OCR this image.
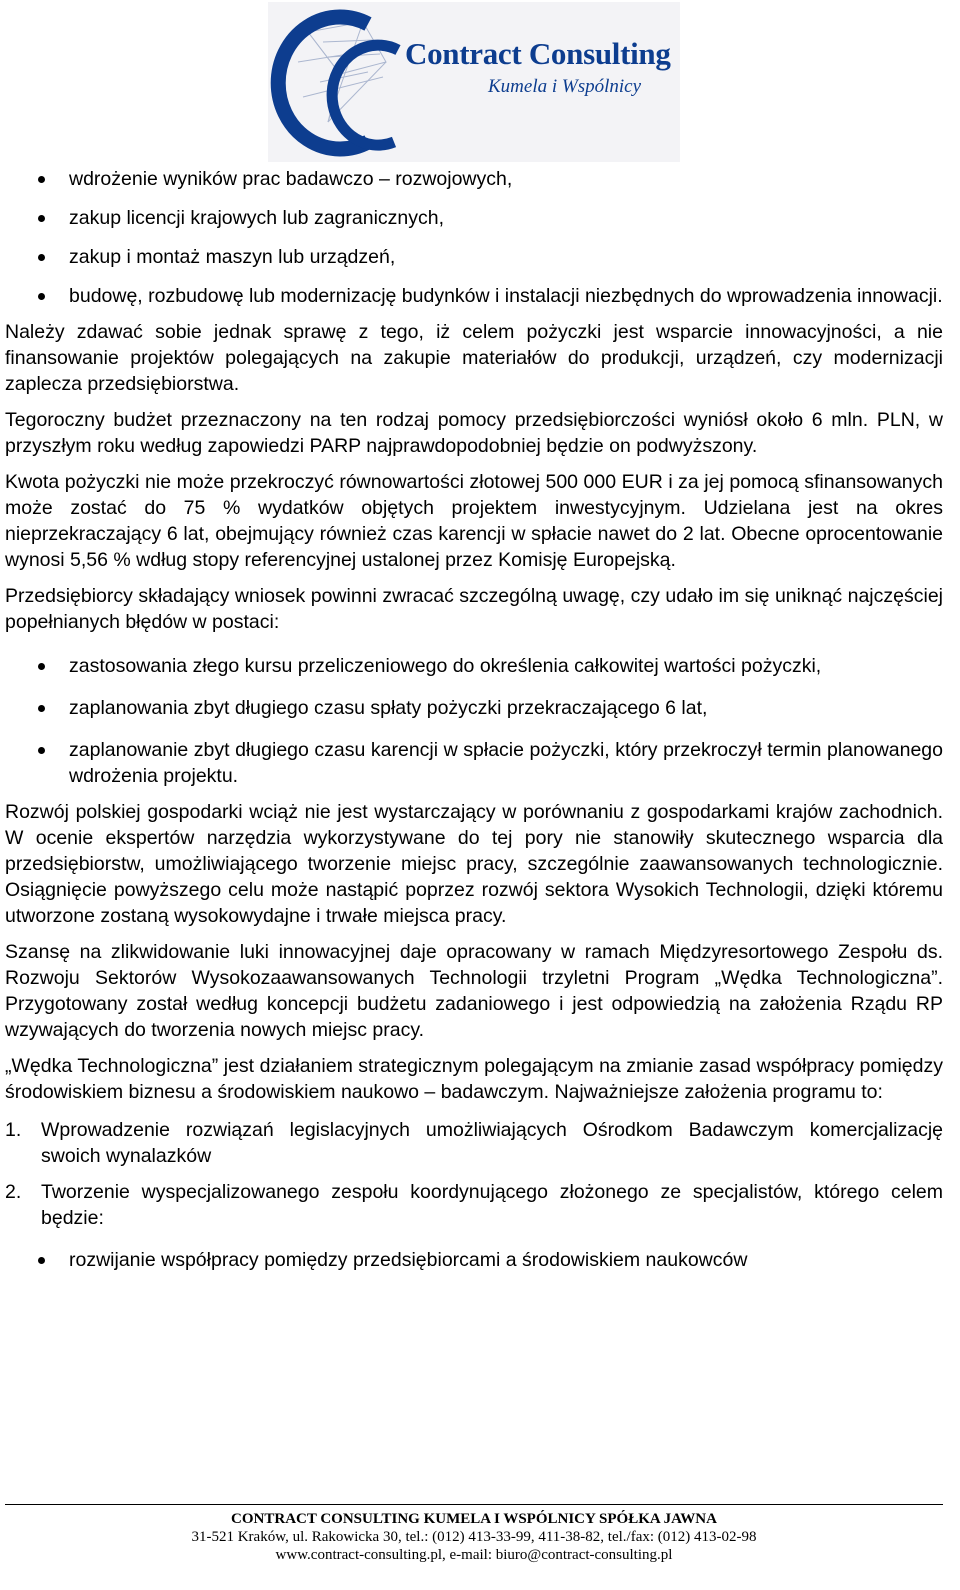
Contract Consulting
Kumela i Wspólnicy
wdrożenie wyników prac badawczo – rozwojowych,
zakup licencji krajowych lub zagranicznych,
zakup i montaż maszyn lub urządzeń,
budowę, rozbudowę lub modernizację budynków i instalacji niezbędnych do wprowadzenia innowacji.

Należy zdawać sobie jednak sprawę z tego, iż celem pożyczki jest wsparcie innowacyjności, a nie finansowanie projektów polegających na zakupie materiałów do produkcji, urządzeń, czy modernizacji zaplecza przedsiębiorstwa.

Tegoroczny budżet przeznaczony na ten rodzaj pomocy przedsiębiorczości wyniósł około 6 mln. PLN, w przyszłym roku według zapowiedzi PARP najprawdopodobniej będzie on podwyższony.

Kwota pożyczki nie może przekroczyć równowartości złotowej 500 000 EUR i za jej pomocą sfinansowanych może zostać do 75 % wydatków objętych projektem inwestycyjnym. Udzielana jest na okres nieprzekraczający 6 lat, obejmujący również czas karencji w spłacie nawet do 2 lat. Obecne oprocentowanie wynosi 5,56 % wdług stopy referencyjnej ustalonej przez Komisję Europejską.

Przedsiębiorcy składający wniosek powinni zwracać szczególną uwagę, czy udało im się uniknąć najczęściej popełnianych błędów w postaci:

zastosowania złego kursu przeliczeniowego do określenia całkowitej wartości pożyczki,
zaplanowania zbyt długiego czasu spłaty pożyczki przekraczającego 6 lat,
zaplanowanie zbyt długiego czasu karencji w spłacie pożyczki, który przekroczył termin planowanego wdrożenia projektu.

Rozwój polskiej gospodarki wciąż nie jest wystarczający w porównaniu z gospodarkami krajów zachodnich. W ocenie ekspertów narzędzia wykorzystywane do tej pory nie stanowiły skutecznego wsparcia dla przedsiębiorstw, umożliwiającego tworzenie miejsc pracy, szczególnie zaawansowanych technologicznie. Osiągnięcie powyższego celu może nastąpić poprzez rozwój sektora Wysokich Technologii, dzięki któremu utworzone zostaną wysokowydajne i trwałe miejsca pracy.

Szansę na zlikwidowanie luki innowacyjnej daje opracowany w ramach Międzyresortowego Zespołu ds. Rozwoju Sektorów Wysokozaawansowanych Technologii trzyletni Program „Wędka Technologiczna”. Przygotowany został według koncepcji budżetu zadaniowego i jest odpowiedzią na założenia Rządu RP wzywających do tworzenia nowych miejsc pracy.

„Wędka Technologiczna” jest działaniem strategicznym polegającym na zmianie zasad współpracy pomiędzy środowiskiem biznesu a środowiskiem naukowo – badawczym. Najważniejsze założenia programu to:

1. Wprowadzenie rozwiązań legislacyjnych umożliwiających Ośrodkom Badawczym komercjalizację swoich wynalazków
2. Tworzenie wyspecjalizowanego zespołu koordynującego złożonego ze specjalistów, którego celem będzie:
rozwijanie współpracy pomiędzy przedsiębiorcami a środowiskiem naukowców
CONTRACT CONSULTING KUMELA I WSPÓLNICY SPÓŁKA JAWNA
31-521 Kraków, ul. Rakowicka 30, tel.: (012) 413-33-99, 411-38-82, tel./fax: (012) 413-02-98
www.contract-consulting.pl, e-mail: biuro@contract-consulting.pl
